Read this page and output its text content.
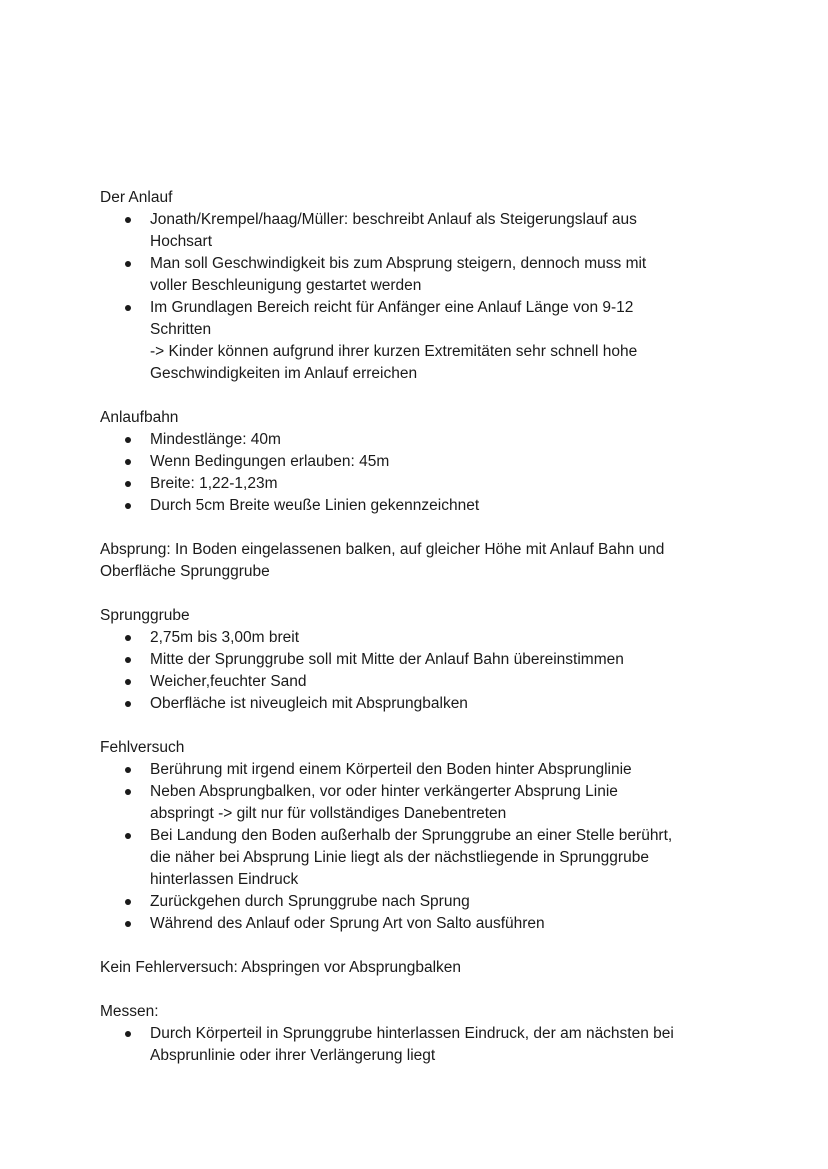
Der Anlauf

Jonath/Krempel/haag/Müller: beschreibt Anlauf als Steigerungslauf aus
Hochsart
Man soll Geschwindigkeit bis zum Absprung steigern, dennoch muss mit
voller Beschleunigung gestartet werden
Im Grundlagen Bereich reicht für Anfänger eine Anlauf Länge von 9-12
Schritten
-> Kinder können aufgrund ihrer kurzen Extremitäten sehr schnell hohe
Geschwindigkeiten im Anlauf erreichen

Anlaufbahn

Mindestlänge: 40m
Wenn Bedingungen erlauben: 45m
Breite: 1,22-1,23m
Durch 5cm Breite weuße Linien gekennzeichnet

Absprung: In Boden eingelassenen balken, auf gleicher Höhe mit Anlauf Bahn und
Oberfläche Sprunggrube

Sprunggrube

2,75m bis 3,00m breit
Mitte der Sprunggrube soll mit Mitte der Anlauf Bahn übereinstimmen
Weicher,feuchter Sand
Oberfläche ist niveugleich mit Absprungbalken

Fehlversuch

Berührung mit irgend einem Körperteil den Boden hinter Absprunglinie
Neben Absprungbalken, vor oder hinter verkängerter Absprung Linie
abspringt -> gilt nur für vollständiges Danebentreten
Bei Landung den Boden außerhalb der Sprunggrube an einer Stelle berührt,
die näher bei Absprung Linie liegt als der nächstliegende in Sprunggrube
hinterlassen Eindruck
Zurückgehen durch Sprunggrube nach Sprung
Während des Anlauf oder Sprung Art von Salto ausführen

Kein Fehlerversuch: Abspringen vor Absprungbalken

Messen:

Durch Körperteil in Sprunggrube hinterlassen Eindruck, der am nächsten bei
Absprunlinie oder ihrer Verlängerung liegt
